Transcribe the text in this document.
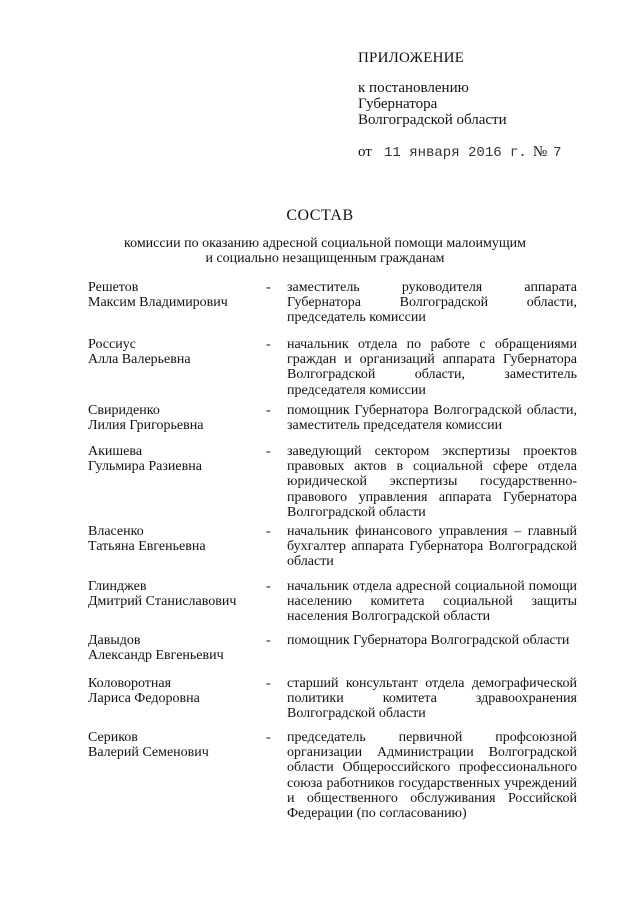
ПРИЛОЖЕНИЕ
к постановлению
Губернатора
Волгоградской области
от 11 января 2016 г. № 7
СОСТАВ
комиссии по оказанию адресной социальной помощи малоимущим
и социально незащищенным гражданам
Решетов
Максим Владимирович
- заместитель руководителя аппарата Губернатора Волгоградской области, председатель комиссии
Россиус
Алла Валерьевна
- начальник отдела по работе с обращениями граждан и организаций аппарата Губернатора Волгоградской области, заместитель председателя комиссии
Свириденко
Лилия Григорьевна
- помощник Губернатора Волгоградской области, заместитель председателя комиссии
Акишева
Гульмира Разиевна
- заведующий сектором экспертизы проектов правовых актов в социальной сфере отдела юридической экспертизы государственно-правового управления аппарата Губернатора Волгоградской области
Власенко
Татьяна Евгеньевна
- начальник финансового управления – главный бухгалтер аппарата Губернатора Волгоградской области
Глинджев
Дмитрий Станиславович
- начальник отдела адресной социальной помощи населению комитета социальной защиты населения Волгоградской области
Давыдов
Александр Евгеньевич
- помощник Губернатора Волгоградской области
Коловоротная
Лариса Федоровна
- старший консультант отдела демографической политики комитета здравоохранения Волгоградской области
Сериков
Валерий Семенович
- председатель первичной профсоюзной организации Администрации Волгоградской области Общероссийского профессионального союза работников государственных учреждений и общественного обслуживания Российской Федерации (по согласованию)
